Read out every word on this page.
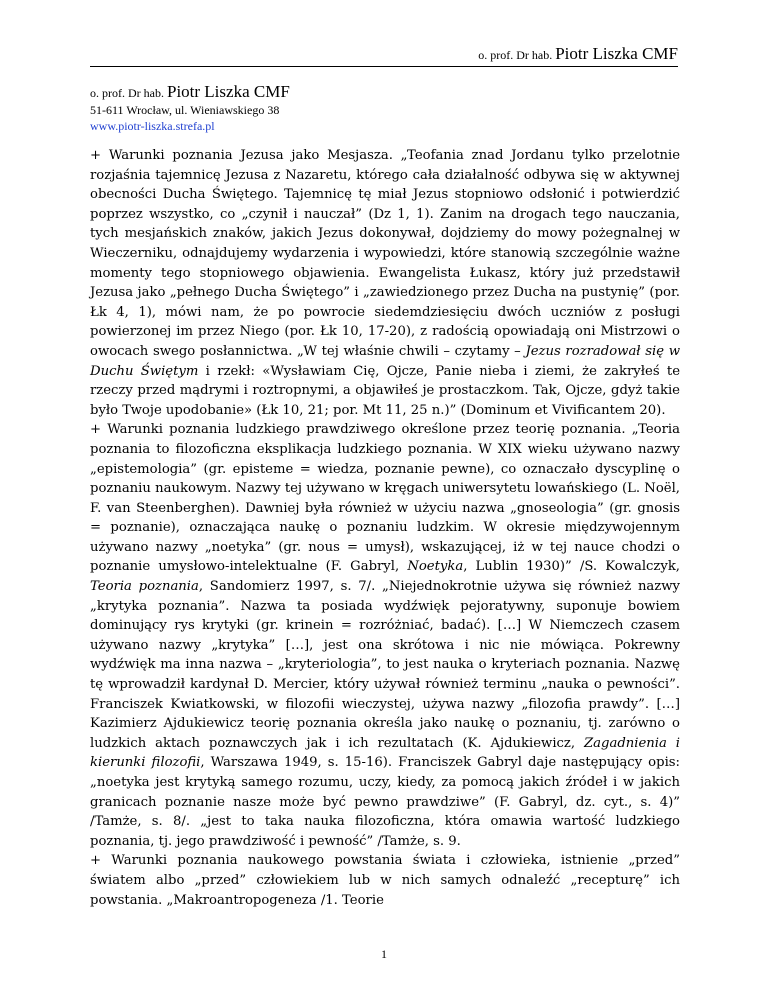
o. prof. Dr hab. Piotr Liszka CMF
o. prof. Dr hab. Piotr Liszka CMF
51-611 Wrocław, ul. Wieniawskiego 38
www.piotr-liszka.strefa.pl

+ Warunki poznania Jezusa jako Mesjasza. „Teofania znad Jordanu tylko przelotnie rozjaśnia tajemnicę Jezusa z Nazaretu, którego cała działalność odbywa się w aktywnej obecności Ducha Świętego. Tajemnicę tę miał Jezus stopniowo odsłonić i potwierdzić poprzez wszystko, co „czynił i nauczał” (Dz 1, 1). Zanim na drogach tego nauczania, tych mesjańskich znaków, jakich Jezus dokonywał, dojdziemy do mowy pożegnalnej w Wieczerniku, odnajdujemy wydarzenia i wypowiedzi, które stanowią szczególnie ważne momenty tego stopniowego objawienia. Ewangelista Łukasz, który już przedstawił Jezusa jako „pełnego Ducha Świętego” i „zawiedzionego przez Ducha na pustynię” (por. Łk 4, 1), mówi nam, że po powrocie siedemdziesięciu dwóch uczniów z posługi powierzonej im przez Niego (por. Łk 10, 17-20), z radością opowiadają oni Mistrzowi o owocach swego posłannictwa. „W tej właśnie chwili – czytamy – Jezus rozradował się w Duchu Świętym i rzekł: «Wysławiam Cię, Ojcze, Panie nieba i ziemi, że zakryłeś te rzeczy przed mądrymi i roztropnymi, a objawiłeś je prostaczkom. Tak, Ojcze, gdyż takie było Twoje upodobanie» (Łk 10, 21; por. Mt 11, 25 n.)” (Dominum et Vivificantem 20).

+ Warunki poznania ludzkiego prawdziwego określone przez teorię poznania. „Teoria poznania to filozoficzna eksplikacja ludzkiego poznania. W XIX wieku używano nazwy „epistemologia” (gr. episteme = wiedza, poznanie pewne), co oznaczało dyscyplinę o poznaniu naukowym. Nazwy tej używano w kręgach uniwersytetu lowańskiego (L. Noël, F. van Steenberghen). Dawniej była również w użyciu nazwa „gnoseologia” (gr. gnosis = poznanie), oznaczająca naukę o poznaniu ludzkim. W okresie międzywojennym używano nazwy „noetyka” (gr. nous = umysł), wskazującej, iż w tej nauce chodzi o poznanie umysłowo-intelektualne (F. Gabryl, Noetyka, Lublin 1930)” /S. Kowalczyk, Teoria poznania, Sandomierz 1997, s. 7/. „Niejednokrotnie używa się również nazwy „krytyka poznania”. Nazwa ta posiada wydźwięk pejoratywny, suponuje bowiem dominujący rys krytyki (gr. krinein = rozróżniać, badać). […] W Niemczech czasem używano nazwy „krytyka” […], jest ona skrótowa i nic nie mówiąca. Pokrewny wydźwięk ma inna nazwa – „kryteriologia”, to jest nauka o kryteriach poznania. Nazwę tę wprowadził kardynał D. Mercier, który używał również terminu „nauka o pewności”. Franciszek Kwiatkowski, w filozofii wieczystej, używa nazwy „filozofia prawdy”. […] Kazimierz Ajdukiewicz teorię poznania określa jako naukę o poznaniu, tj. zarówno o ludzkich aktach poznawczych jak i ich rezultatach (K. Ajdukiewicz, Zagadnienia i kierunki filozofii, Warszawa 1949, s. 15-16). Franciszek Gabryl daje następujący opis: „noetyka jest krytyką samego rozumu, uczy, kiedy, za pomocą jakich źródeł i w jakich granicach poznanie nasze może być pewno prawdziwe” (F. Gabryl, dz. cyt., s. 4)” /Tamże, s. 8/. „jest to taka nauka filozoficzna, która omawia wartość ludzkiego poznania, tj. jego prawdziwość i pewność” /Tamże, s. 9.

+ Warunki poznania naukowego powstania świata i człowieka, istnienie „przed” światem albo „przed” człowiekiem lub w nich samych odnaleźć „recepturę” ich powstania. „Makroantropogeneza /1. Teorie

1
